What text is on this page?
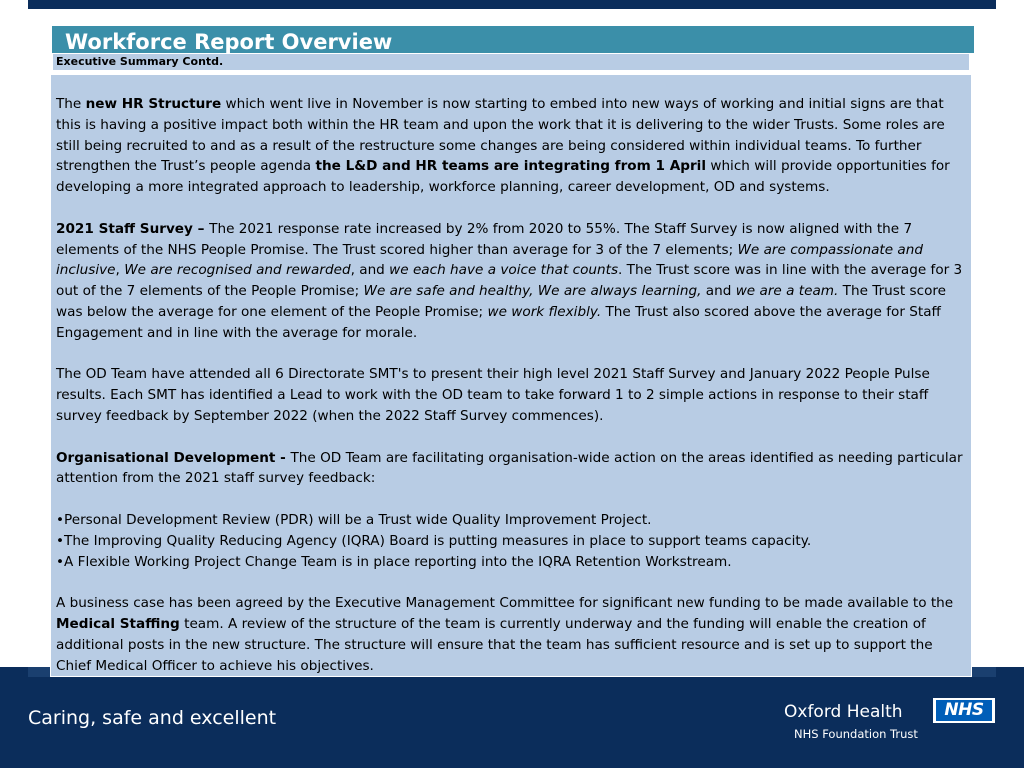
Workforce Report Overview
Executive Summary Contd.

The new HR Structure which went live in November is now starting to embed into new ways of working and initial signs are that this is having a positive impact both within the HR team and upon the work that it is delivering to the wider Trusts. Some roles are still being recruited to and as a result of the restructure some changes are being considered within individual teams. To further strengthen the Trust’s people agenda the L&D and HR teams are integrating from 1 April which will provide opportunities for developing a more integrated approach to leadership, workforce planning, career development, OD and systems.

2021 Staff Survey – The 2021 response rate increased by 2% from 2020 to 55%. The Staff Survey is now aligned with the 7 elements of the NHS People Promise. The Trust scored higher than average for 3 of the 7 elements; We are compassionate and inclusive, We are recognised and rewarded, and we each have a voice that counts. The Trust score was in line with the average for 3 out of the 7 elements of the People Promise; We are safe and healthy, We are always learning, and we are a team. The Trust score was below the average for one element of the People Promise; we work flexibly. The Trust also scored above the average for Staff Engagement and in line with the average for morale.

The OD Team have attended all 6 Directorate SMT's to present their high level 2021 Staff Survey and January 2022 People Pulse results. Each SMT has identified a Lead to work with the OD team to take forward 1 to 2 simple actions in response to their staff survey feedback by September 2022 (when the 2022 Staff Survey commences).

Organisational Development - The OD Team are facilitating organisation-wide action on the areas identified as needing particular attention from the 2021 staff survey feedback:

•Personal Development Review (PDR) will be a Trust wide Quality Improvement Project.

•The Improving Quality Reducing Agency (IQRA) Board is putting measures in place to support teams capacity.

•A Flexible Working Project Change Team is in place reporting into the IQRA Retention Workstream.

A business case has been agreed by the Executive Management Committee for significant new funding to be made available to the Medical Staffing team. A review of the structure of the team is currently underway and the funding will enable the creation of additional posts in the new structure. The structure will ensure that the team has sufficient resource and is set up to support the Chief Medical Officer to achieve his objectives.

Caring, safe and excellent	Oxford Health
NHS Foundation Trust
NHS
